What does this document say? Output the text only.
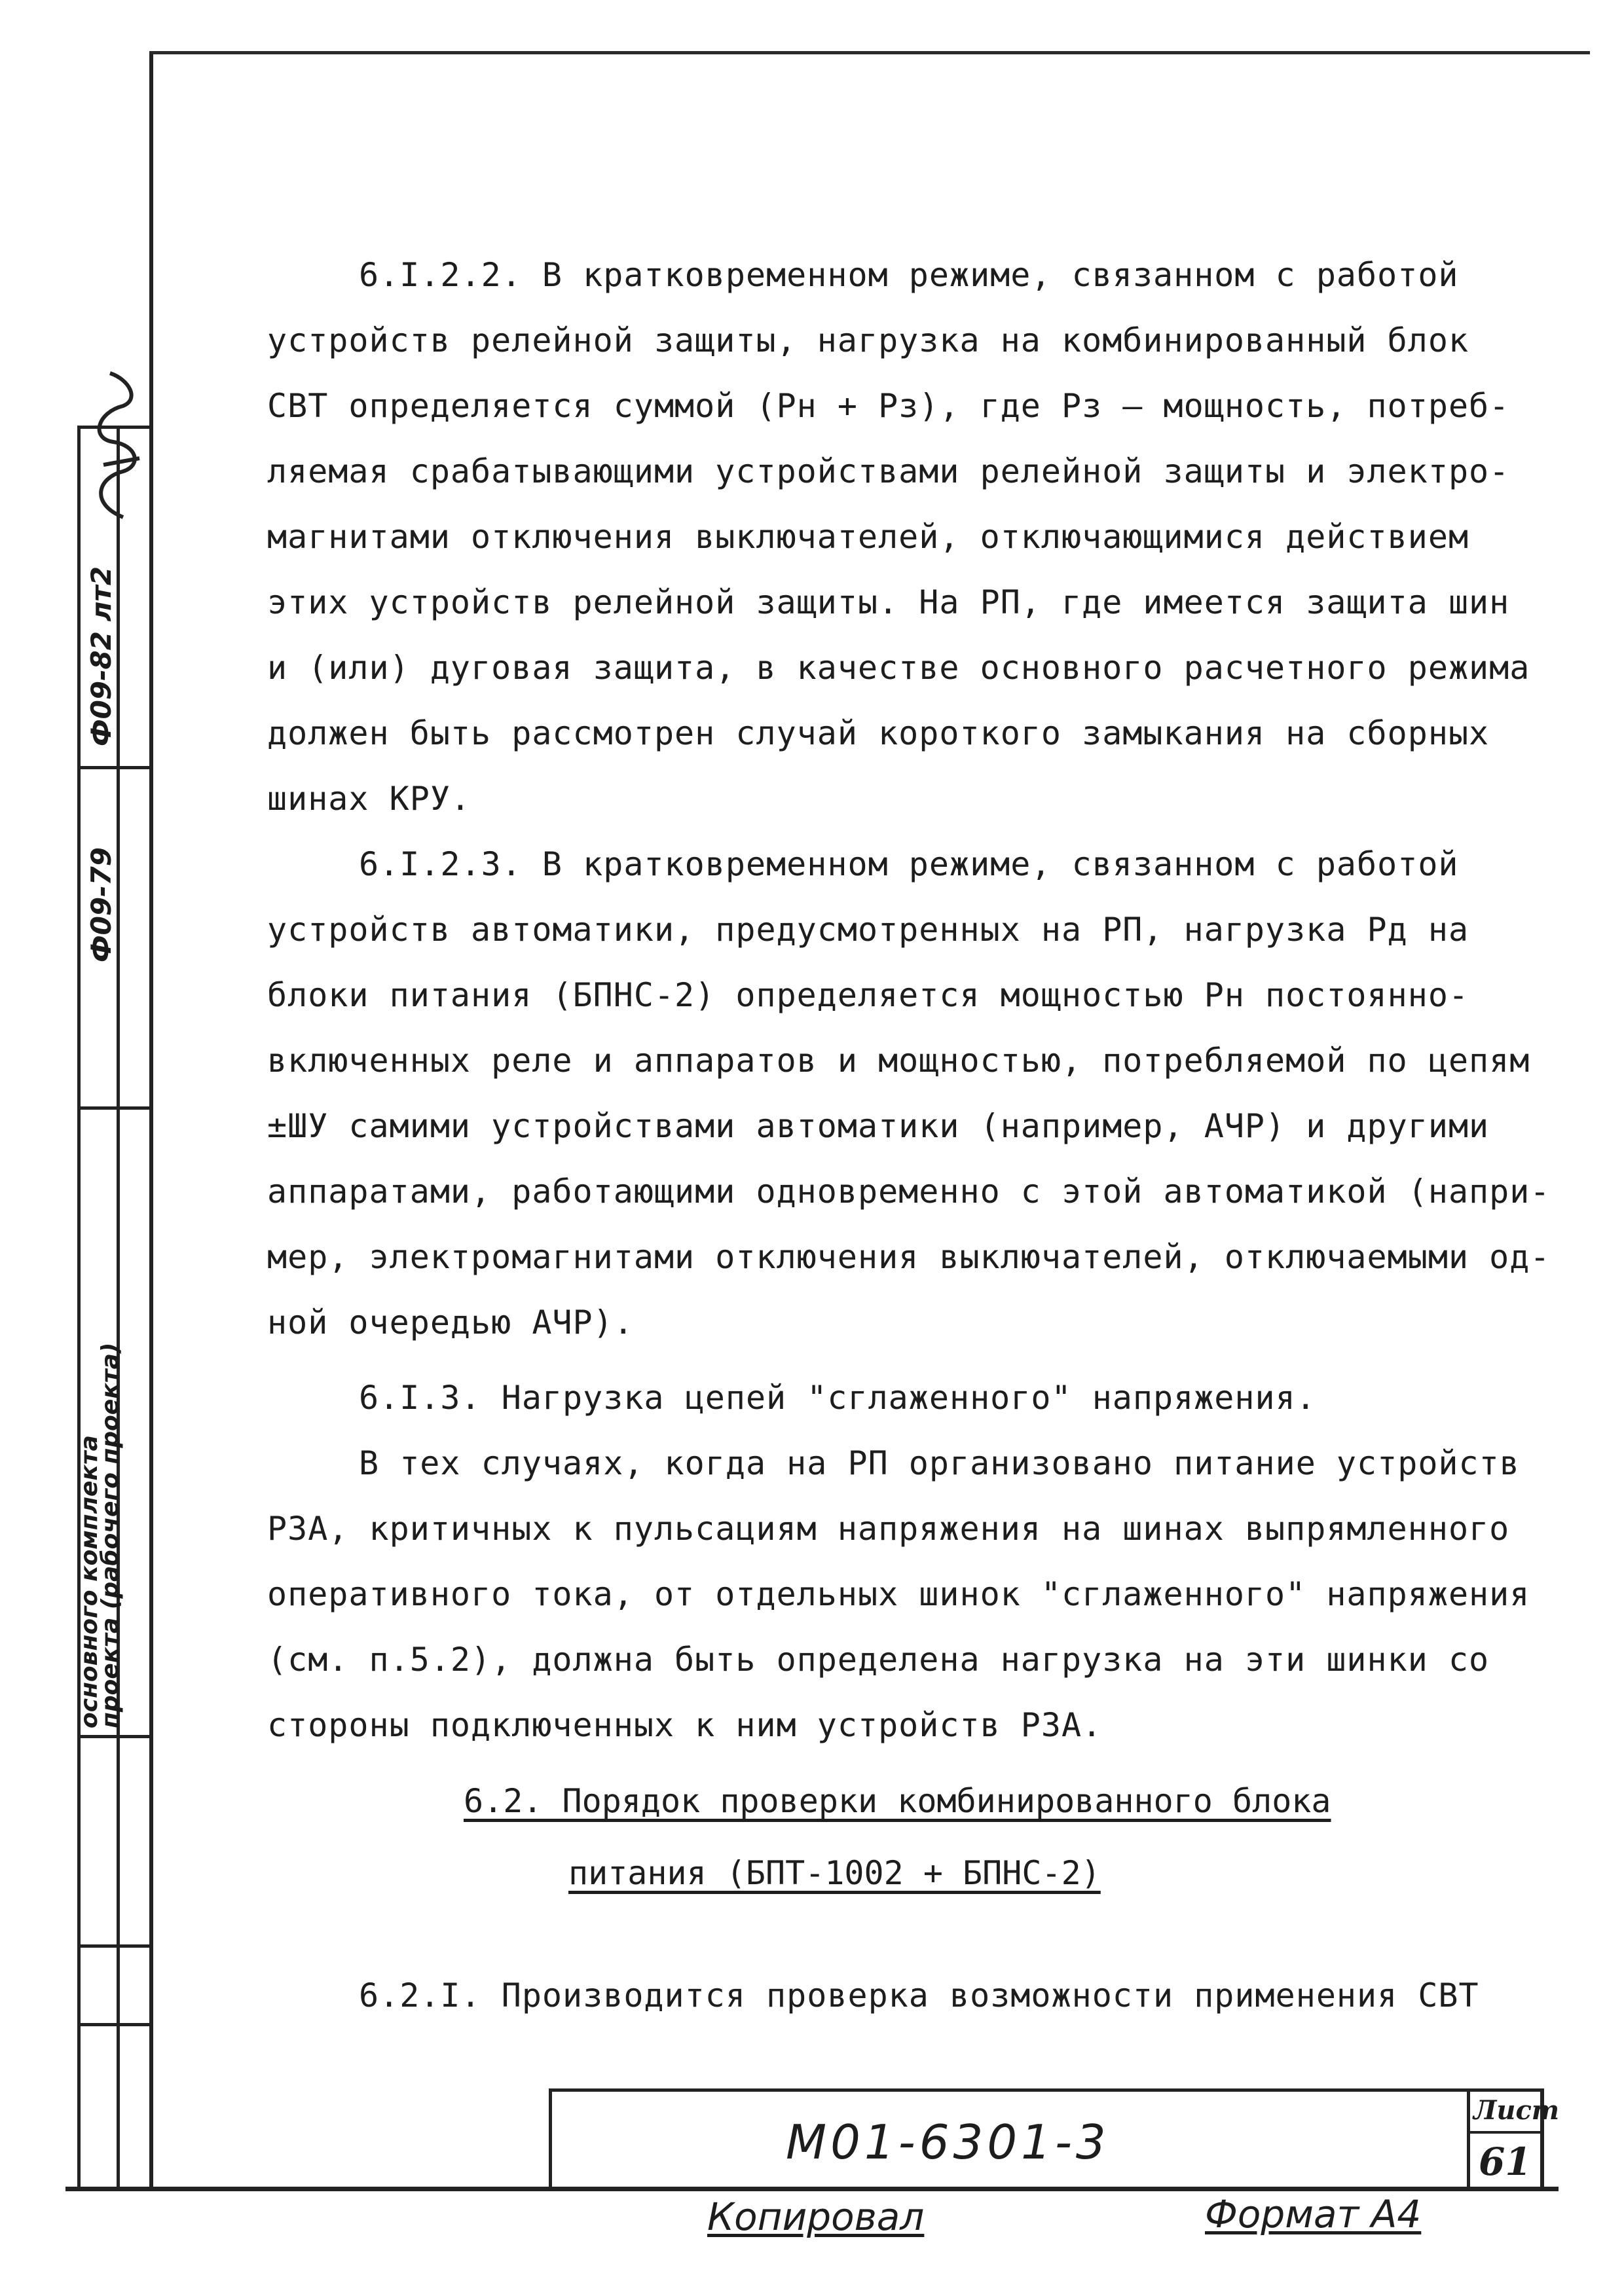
Ф09-82 лт2
Ф09-79
основного комплекта
проекта (рабочего проекта)
6.I.2.2. В кратковременном режиме, связанном с работой
устройств релейной защиты, нагрузка на комбинированный блок
СВТ определяется суммой (Рн + Рз), где Рз – мощность, потреб-
ляемая срабатывающими устройствами релейной защиты и электро-
магнитами отключения выключателей, отключающимися действием
этих устройств релейной защиты. На РП, где имеется защита шин
и (или) дуговая защита, в качестве основного расчетного режима
должен быть рассмотрен случай короткого замыкания на сборных
шинах КРУ.
6.I.2.3. В кратковременном режиме, связанном с работой
устройств автоматики, предусмотренных на РП, нагрузка Рд на
блоки питания (БПНС-2) определяется мощностью Рн постоянно-
включенных реле и аппаратов и мощностью, потребляемой по цепям
±ШУ самими устройствами автоматики (например, АЧР) и другими
аппаратами, работающими одновременно с этой автоматикой (напри-
мер, электромагнитами отключения выключателей, отключаемыми од-
ной очередью АЧР).
6.I.3. Нагрузка цепей "сглаженного" напряжения.
В тех случаях, когда на РП организовано питание устройств
РЗА, критичных к пульсациям напряжения на шинах выпрямленного
оперативного тока, от отдельных шинок "сглаженного" напряжения
(см. п.5.2), должна быть определена нагрузка на эти шинки со
стороны подключенных к ним устройств РЗА.
6.2. Порядок проверки комбинированного блока
питания (БПТ-1002 + БПНС-2)
6.2.I. Производится проверка возможности применения СВТ
М01-6301-3
Лист
61
Копировал	Формат А4
